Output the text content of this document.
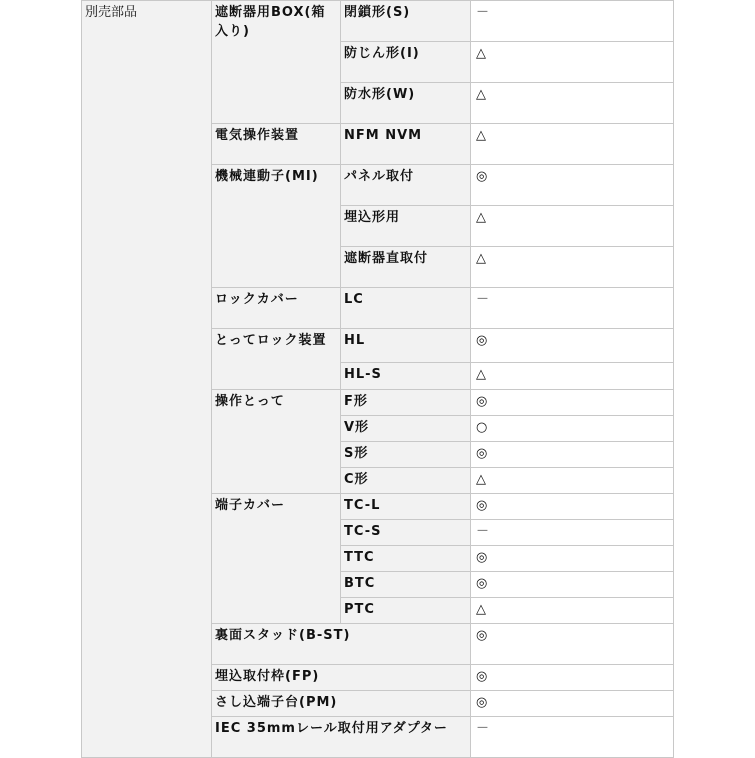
別売部品	遮断器用BOX(箱入り)	閉鎖形(S)	－
		防じん形(I)	△
		防水形(W)	△
	電気操作装置	NFM NVM	△
	機械連動子(MI)	パネル取付	◎
		埋込形用	△
		遮断器直取付	△
	ロックカバー	LC	－
	とってロック装置	HL	◎
		HL-S	△
	操作とって	F形	◎
		V形	○
		S形	◎
		C形	△
	端子カバー	TC-L	◎
		TC-S	－
		TTC	◎
		BTC	◎
		PTC	△
	裏面スタッド(B-ST)		◎
	埋込取付枠(FP)		◎
	さし込端子台(PM)		◎
	IEC 35mmレール取付用アダプター		－
